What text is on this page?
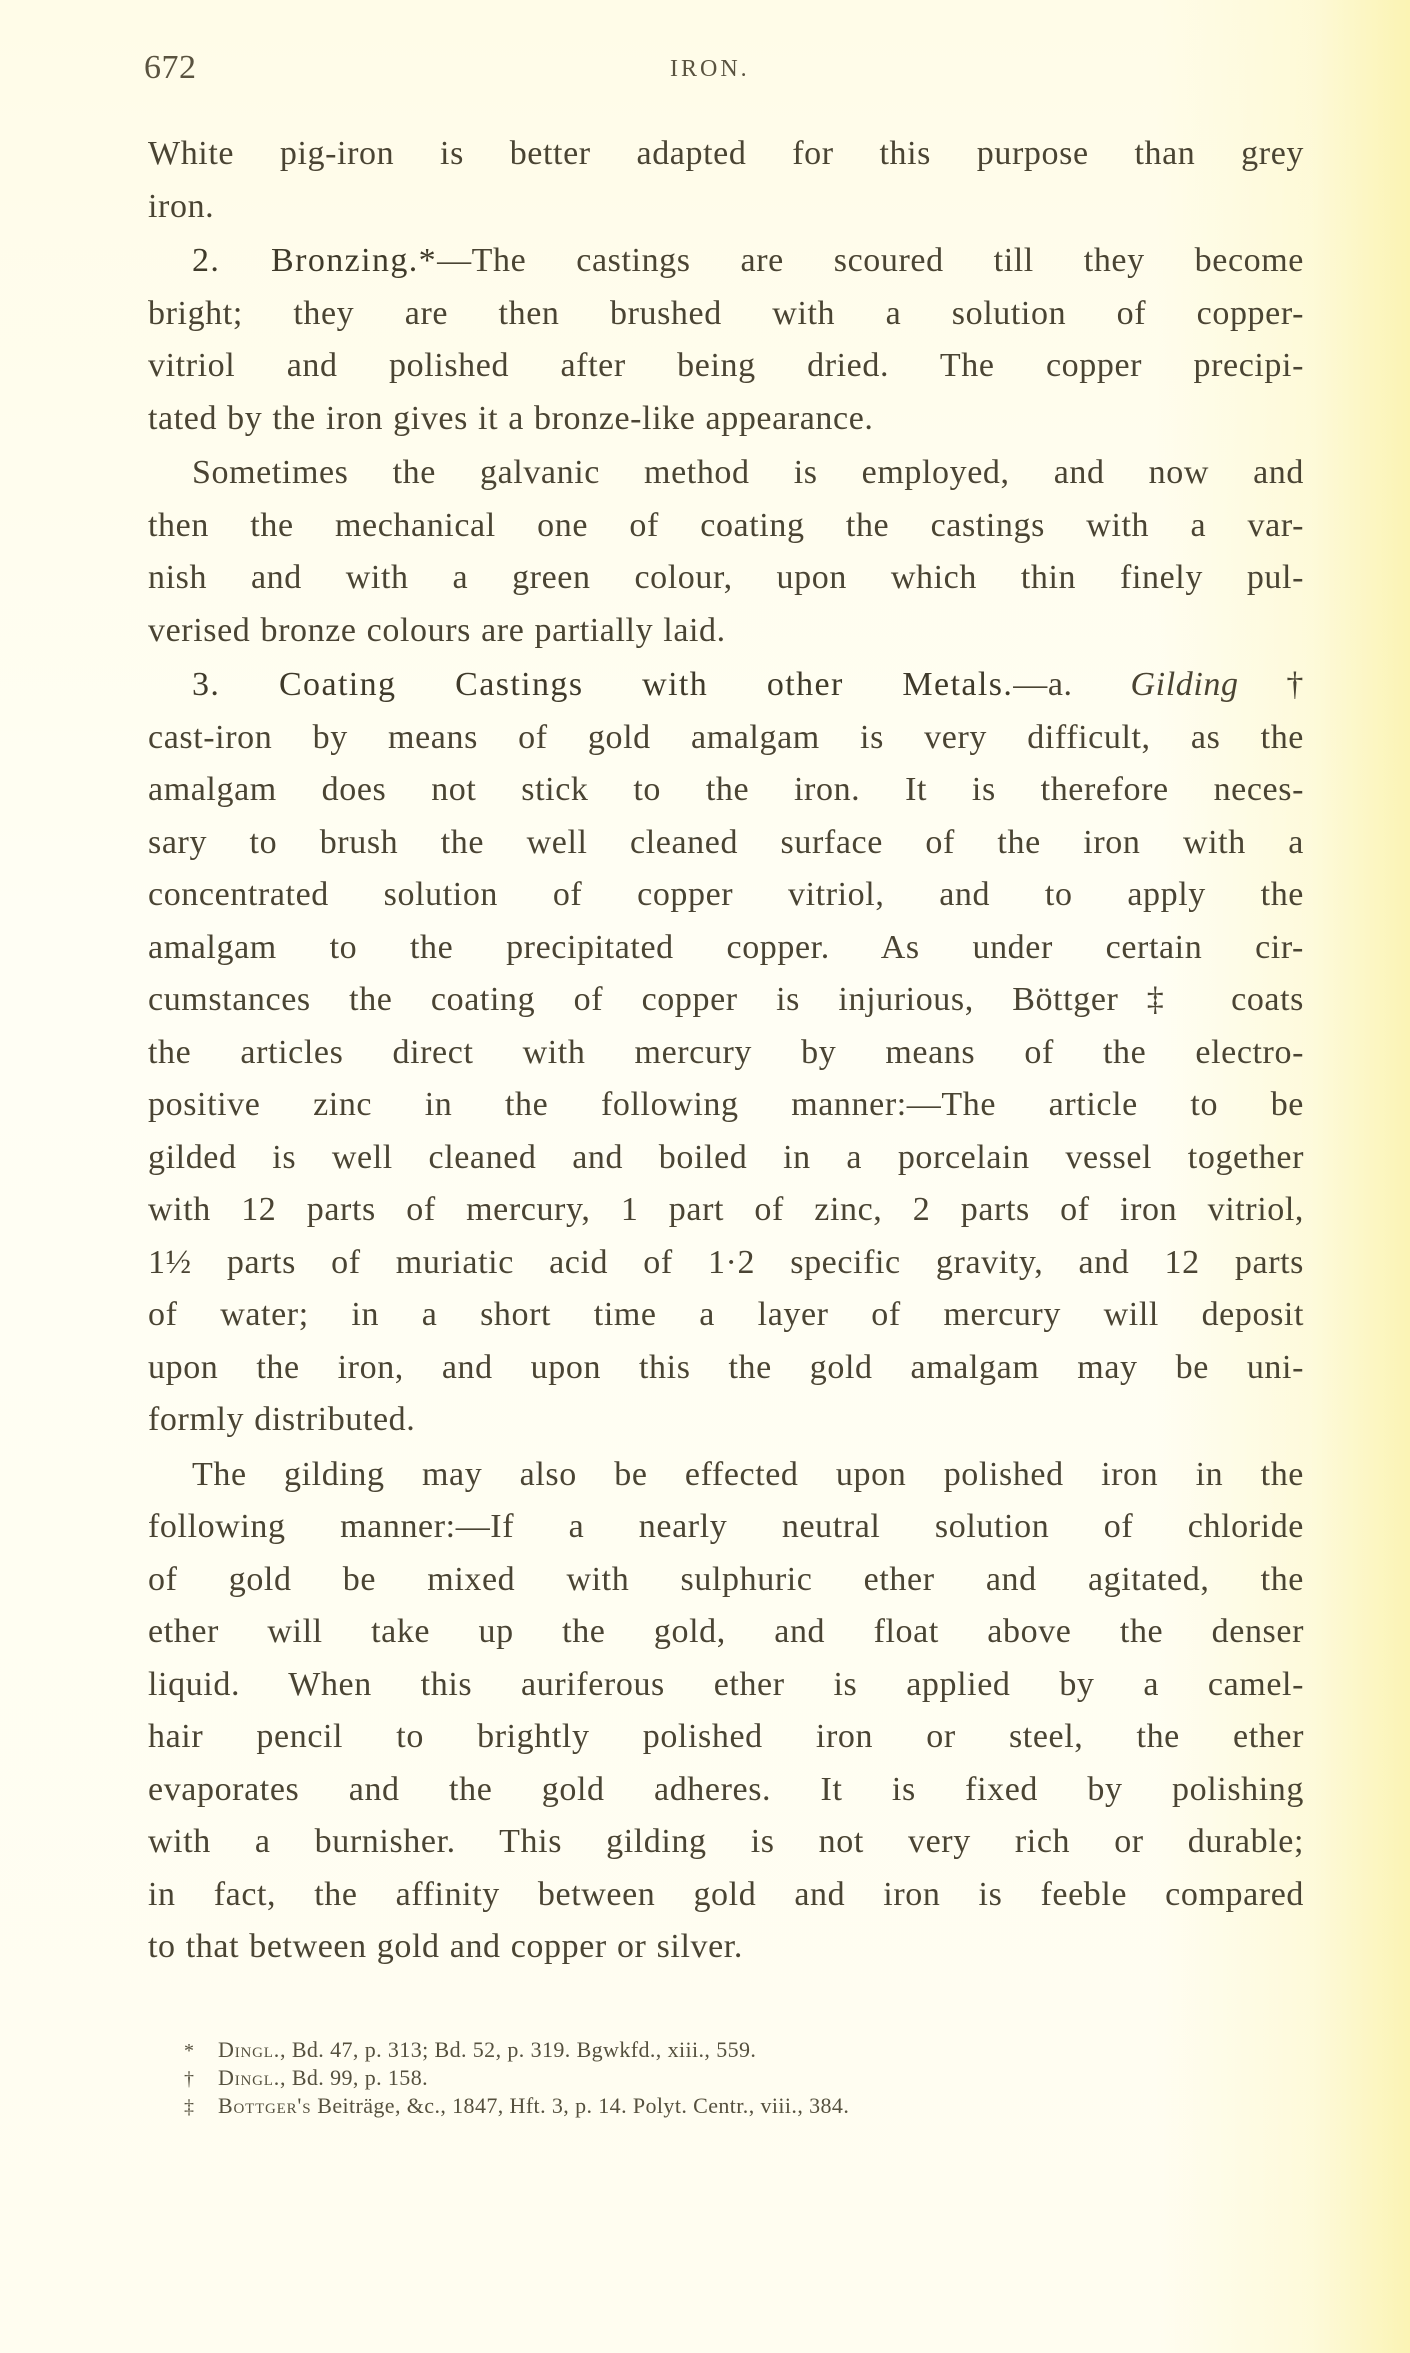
672	IRON.
White pig-iron is better adapted for this purpose than grey
iron.
2. Bronzing.*—The castings are scoured till they become
bright; they are then brushed with a solution of copper-
vitriol and polished after being dried. The copper precipi-
tated by the iron gives it a bronze-like appearance.
Sometimes the galvanic method is employed, and now and
then the mechanical one of coating the castings with a var-
nish and with a green colour, upon which thin finely pul-
verised bronze colours are partially laid.
3. Coating Castings with other Metals.—a. Gilding†
cast-iron by means of gold amalgam is very difficult, as the
amalgam does not stick to the iron. It is therefore neces-
sary to brush the well cleaned surface of the iron with a
concentrated solution of copper vitriol, and to apply the
amalgam to the precipitated copper. As under certain cir-
cumstances the coating of copper is injurious, Böttger‡ coats
the articles direct with mercury by means of the electro-
positive zinc in the following manner:—The article to be
gilded is well cleaned and boiled in a porcelain vessel together
with 12 parts of mercury, 1 part of zinc, 2 parts of iron vitriol,
1½ parts of muriatic acid of 1·2 specific gravity, and 12 parts
of water; in a short time a layer of mercury will deposit
upon the iron, and upon this the gold amalgam may be uni-
formly distributed.
The gilding may also be effected upon polished iron in the
following manner:—If a nearly neutral solution of chloride
of gold be mixed with sulphuric ether and agitated, the
ether will take up the gold, and float above the denser
liquid. When this auriferous ether is applied by a camel-
hair pencil to brightly polished iron or steel, the ether
evaporates and the gold adheres. It is fixed by polishing
with a burnisher. This gilding is not very rich or durable;
in fact, the affinity between gold and iron is feeble compared
to that between gold and copper or silver.
* Dingl., Bd. 47, p. 313; Bd. 52, p. 319. Bgwkfd., xiii., 559.
† Dingl., Bd. 99, p. 158.
‡ Bottger's Beiträge, &c., 1847, Hft. 3, p. 14. Polyt. Centr., viii., 384.
